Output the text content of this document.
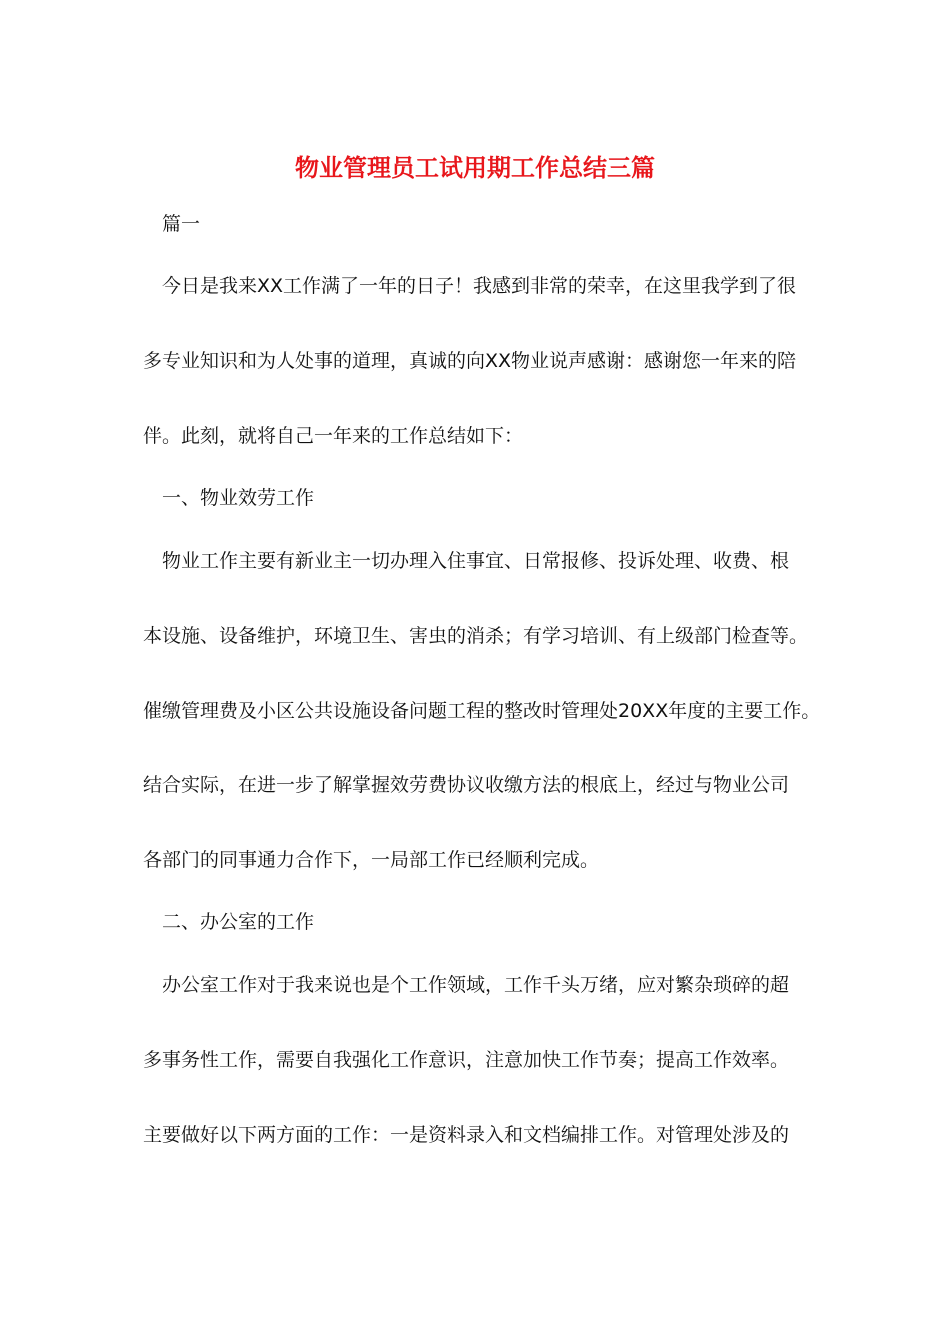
物业管理员工试用期工作总结三篇

篇一

今日是我来XX工作满了一年的日子！我感到非常的荣幸，在这里我学到了很

多专业知识和为人处事的道理，真诚的向XX物业说声感谢：感谢您一年来的陪

伴。此刻，就将自己一年来的工作总结如下：

一、物业效劳工作

物业工作主要有新业主一切办理入住事宜、日常报修、投诉处理、收费、根

本设施、设备维护，环境卫生、害虫的消杀；有学习培训、有上级部门检查等。

催缴管理费及小区公共设施设备问题工程的整改时管理处20XX年度的主要工作。

结合实际，在进一步了解掌握效劳费协议收缴方法的根底上，经过与物业公司

各部门的同事通力合作下，一局部工作已经顺利完成。

二、办公室的工作

办公室工作对于我来说也是个工作领域，工作千头万绪，应对繁杂琐碎的超

多事务性工作，需要自我强化工作意识，注意加快工作节奏；提高工作效率。

主要做好以下两方面的工作：一是资料录入和文档编排工作。对管理处涉及的
